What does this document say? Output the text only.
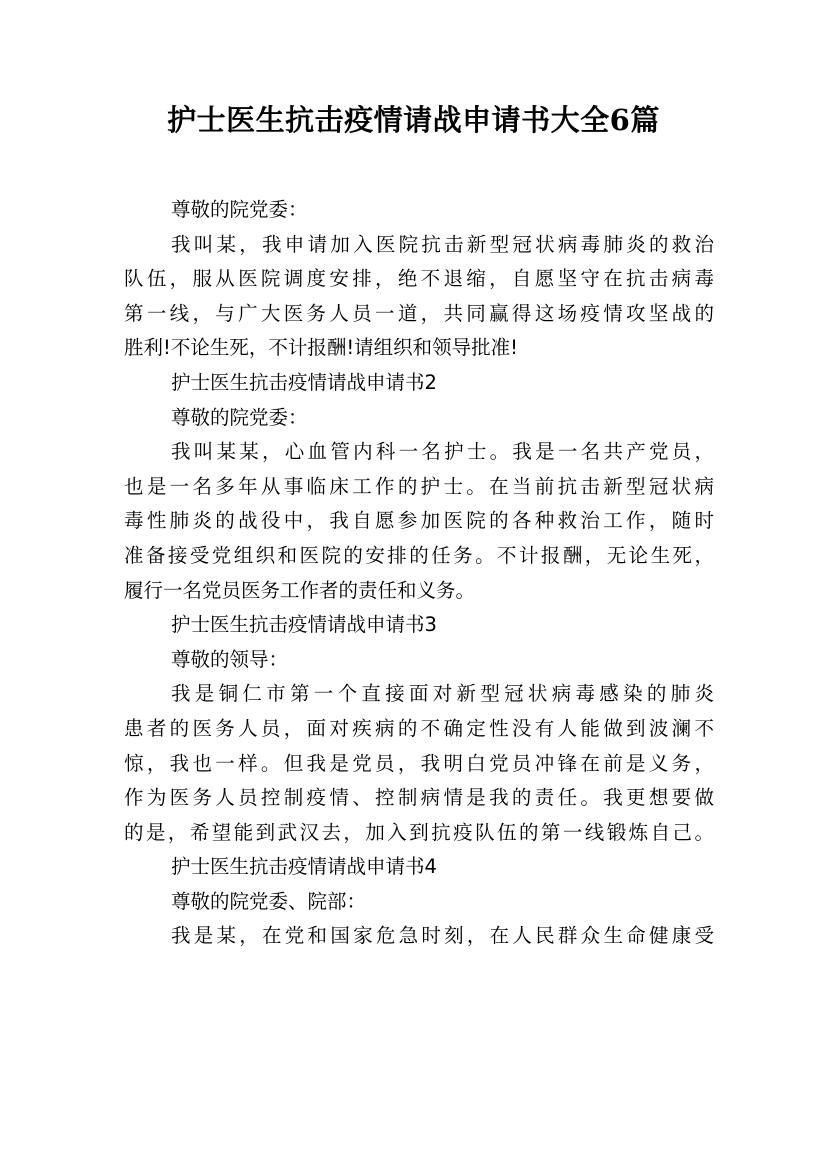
护士医生抗击疫情请战申请书大全6篇
尊敬的院党委：
我叫某，我申请加入医院抗击新型冠状病毒肺炎的救治
队伍，服从医院调度安排，绝不退缩，自愿坚守在抗击病毒
第一线，与广大医务人员一道，共同赢得这场疫情攻坚战的
胜利!不论生死，不计报酬!请组织和领导批准!
护士医生抗击疫情请战申请书2
尊敬的院党委：
我叫某某，心血管内科一名护士。我是一名共产党员，
也是一名多年从事临床工作的护士。在当前抗击新型冠状病
毒性肺炎的战役中，我自愿参加医院的各种救治工作，随时
准备接受党组织和医院的安排的任务。不计报酬，无论生死，
履行一名党员医务工作者的责任和义务。
护士医生抗击疫情请战申请书3
尊敬的领导：
我是铜仁市第一个直接面对新型冠状病毒感染的肺炎
患者的医务人员，面对疾病的不确定性没有人能做到波澜不
惊，我也一样。但我是党员，我明白党员冲锋在前是义务，
作为医务人员控制疫情、控制病情是我的责任。我更想要做
的是，希望能到武汉去，加入到抗疫队伍的第一线锻炼自己。
护士医生抗击疫情请战申请书4
尊敬的院党委、院部：
我是某，在党和国家危急时刻，在人民群众生命健康受
